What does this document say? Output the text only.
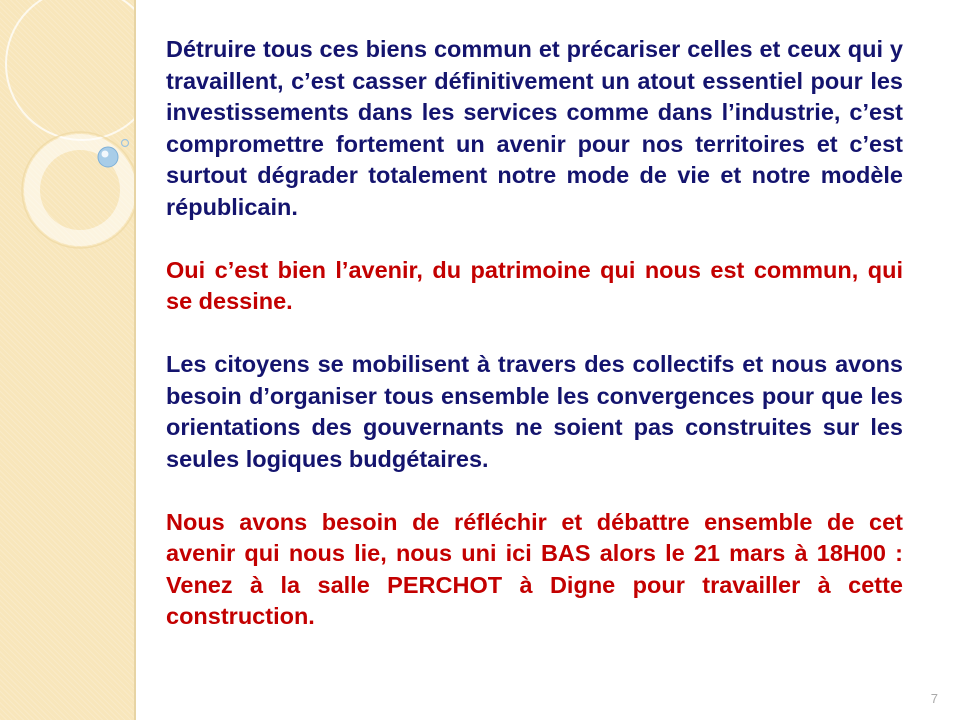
Détruire tous ces biens commun et précariser celles et ceux qui y travaillent, c’est casser définitivement un atout essentiel pour les investissements dans les services comme dans l’industrie, c’est compromettre fortement un avenir pour nos territoires et c’est surtout dégrader totalement notre mode de vie et notre modèle républicain.

Oui c’est bien l’avenir, du patrimoine qui nous est commun, qui se dessine.

Les citoyens se mobilisent à travers des collectifs et nous avons besoin d’organiser tous ensemble les convergences pour que les orientations des gouvernants ne soient pas construites sur les seules logiques budgétaires.

Nous avons besoin de réfléchir et débattre ensemble de cet avenir qui nous lie, nous uni ici BAS alors le 21 mars à 18H00 : Venez à la salle PERCHOT à Digne pour travailler à cette construction.

7
